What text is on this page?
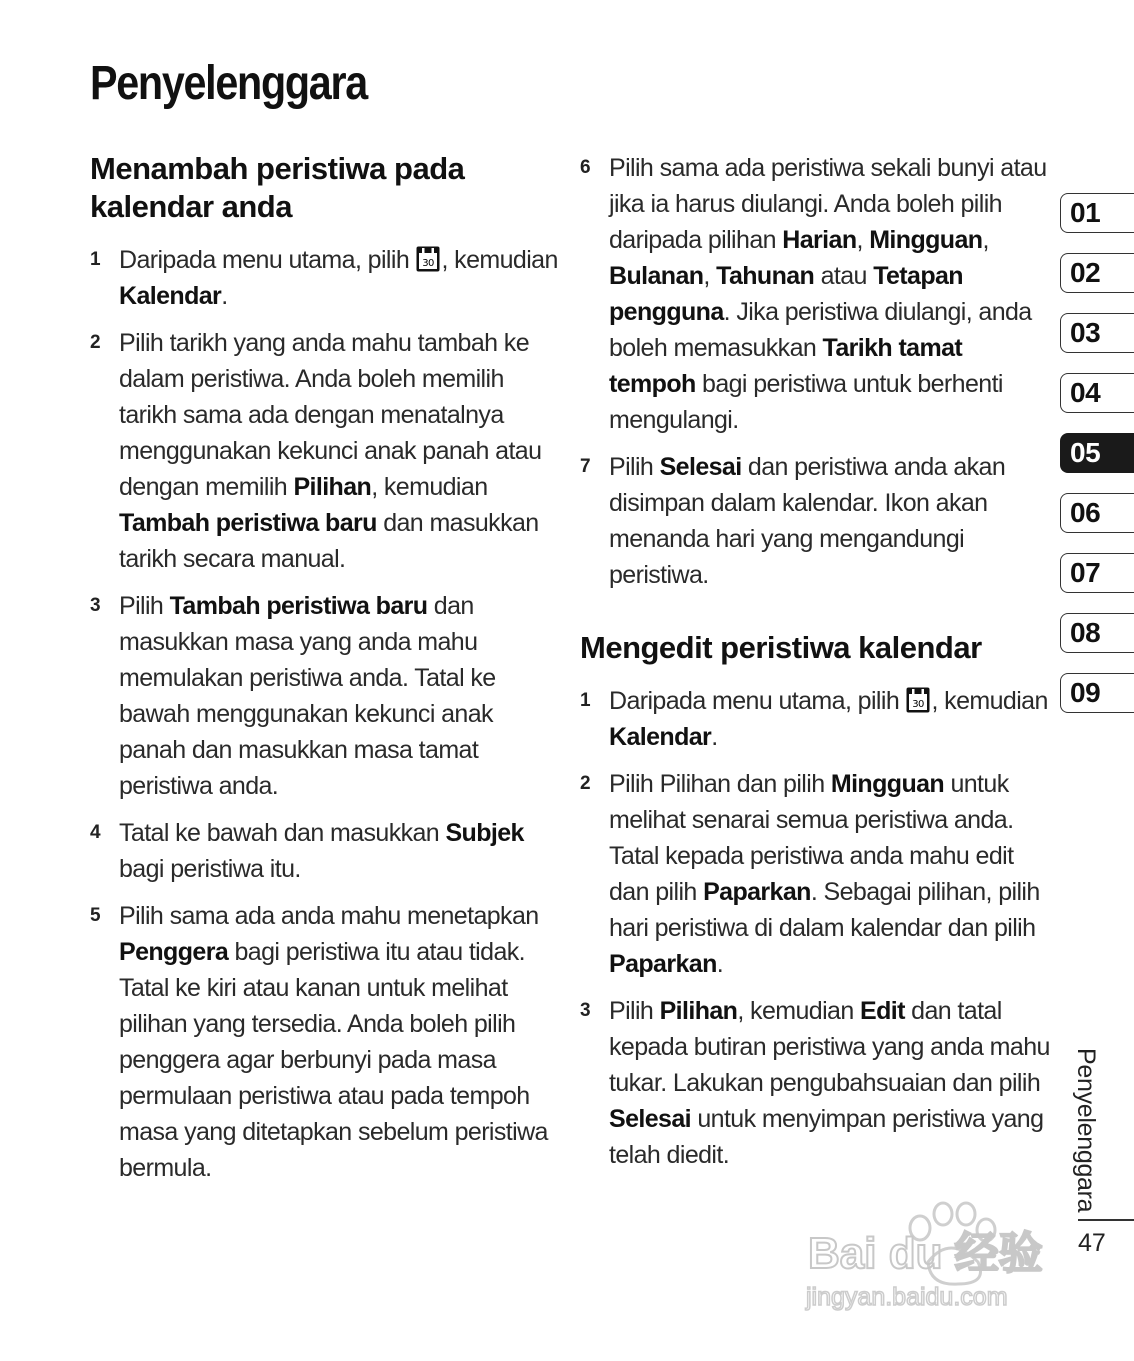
Penyelenggara
Menambah peristiwa pada kalendar anda
1 Daripada menu utama, pilih 30 , kemudian Kalendar.
2 Pilih tarikh yang anda mahu tambah ke dalam peristiwa. Anda boleh memilih tarikh sama ada dengan menatalnya menggunakan kekunci anak panah atau dengan memilih Pilihan, kemudian Tambah peristiwa baru dan masukkan tarikh secara manual.
3 Pilih Tambah peristiwa baru dan masukkan masa yang anda mahu memulakan peristiwa anda. Tatal ke bawah menggunakan kekunci anak panah dan masukkan masa tamat peristiwa anda.
4 Tatal ke bawah dan masukkan Subjek bagi peristiwa itu.
5 Pilih sama ada anda mahu menetapkan Penggera bagi peristiwa itu atau tidak. Tatal ke kiri atau kanan untuk melihat pilihan yang tersedia. Anda boleh pilih penggera agar berbunyi pada masa permulaan peristiwa atau pada tempoh masa yang ditetapkan sebelum peristiwa bermula.
6 Pilih sama ada peristiwa sekali bunyi atau jika ia harus diulangi. Anda boleh pilih daripada pilihan Harian, Mingguan, Bulanan, Tahunan atau Tetapan pengguna. Jika peristiwa diulangi, anda boleh memasukkan Tarikh tamat tempoh bagi peristiwa untuk berhenti mengulangi.
7 Pilih Selesai dan peristiwa anda akan disimpan dalam kalendar. Ikon akan menanda hari yang mengandungi peristiwa.
Mengedit peristiwa kalendar
1 Daripada menu utama, pilih 30 , kemudian Kalendar.
2 Pilih Pilihan dan pilih Mingguan untuk melihat senarai semua peristiwa anda. Tatal kepada peristiwa anda mahu edit dan pilih Paparkan. Sebagai pilihan, pilih hari peristiwa di dalam kalendar dan pilih Paparkan.
3 Pilih Pilihan, kemudian Edit dan tatal kepada butiran peristiwa yang anda mahu tukar. Lakukan pengubahsuaian dan pilih Selesai untuk menyimpan peristiwa yang telah diedit.
01
02
03
04
05
06
07
08
09
Penyelenggara
47
Bai du 经验
jingyan.baidu.com
